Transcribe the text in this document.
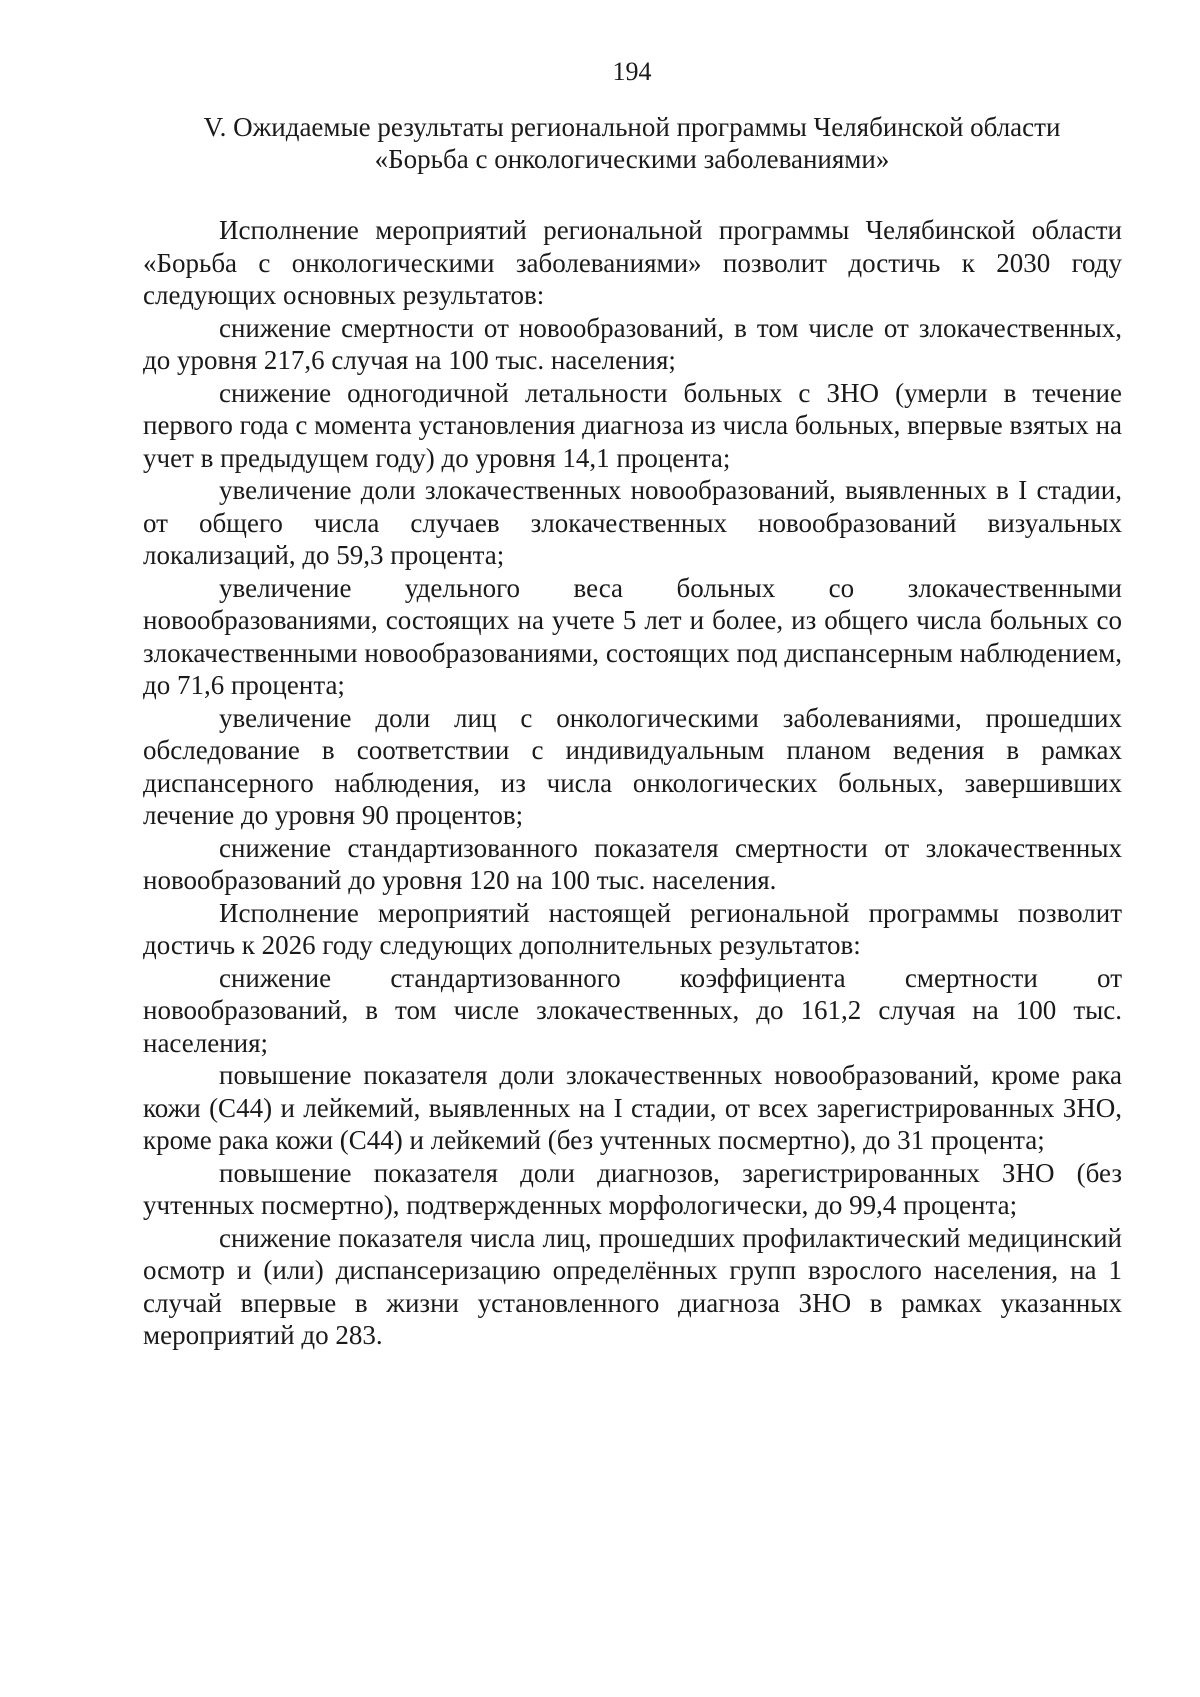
194
V. Ожидаемые результаты региональной программы Челябинской области
«Борьба с онкологическими заболеваниями»

Исполнение мероприятий региональной программы Челябинской области «Борьба с онкологическими заболеваниями» позволит достичь к 2030 году следующих основных результатов:

снижение смертности от новообразований, в том числе от злокачественных, до уровня 217,6 случая на 100 тыс. населения;

снижение одногодичной летальности больных с ЗНО (умерли в течение первого года с момента установления диагноза из числа больных, впервые взятых на учет в предыдущем году) до уровня 14,1 процента;

увеличение доли злокачественных новообразований, выявленных в I стадии, от общего числа случаев злокачественных новообразований визуальных локализаций, до 59,3 процента;

увеличение удельного веса больных со злокачественными новообразованиями, состоящих на учете 5 лет и более, из общего числа больных со злокачественными новообразованиями, состоящих под диспансерным наблюдением, до 71,6 процента;

увеличение доли лиц с онкологическими заболеваниями, прошедших обследование в соответствии с индивидуальным планом ведения в рамках диспансерного наблюдения, из числа онкологических больных, завершивших лечение до уровня 90 процентов;

снижение стандартизованного показателя смертности от злокачественных новообразований до уровня 120 на 100 тыс. населения.

Исполнение мероприятий настоящей региональной программы позволит достичь к 2026 году следующих дополнительных результатов:

снижение стандартизованного коэффициента смертности от новообразований, в том числе злокачественных, до 161,2 случая на 100 тыс. населения;

повышение показателя доли злокачественных новообразований, кроме рака кожи (С44) и лейкемий, выявленных на I стадии, от всех зарегистрированных ЗНО, кроме рака кожи (С44) и лейкемий (без учтенных посмертно), до 31 процента;

повышение показателя доли диагнозов, зарегистрированных ЗНО (без учтенных посмертно), подтвержденных морфологически, до 99,4 процента;

снижение показателя числа лиц, прошедших профилактический медицинский осмотр и (или) диспансеризацию определённых групп взрослого населения, на 1 случай впервые в жизни установленного диагноза ЗНО в рамках указанных мероприятий до 283.
